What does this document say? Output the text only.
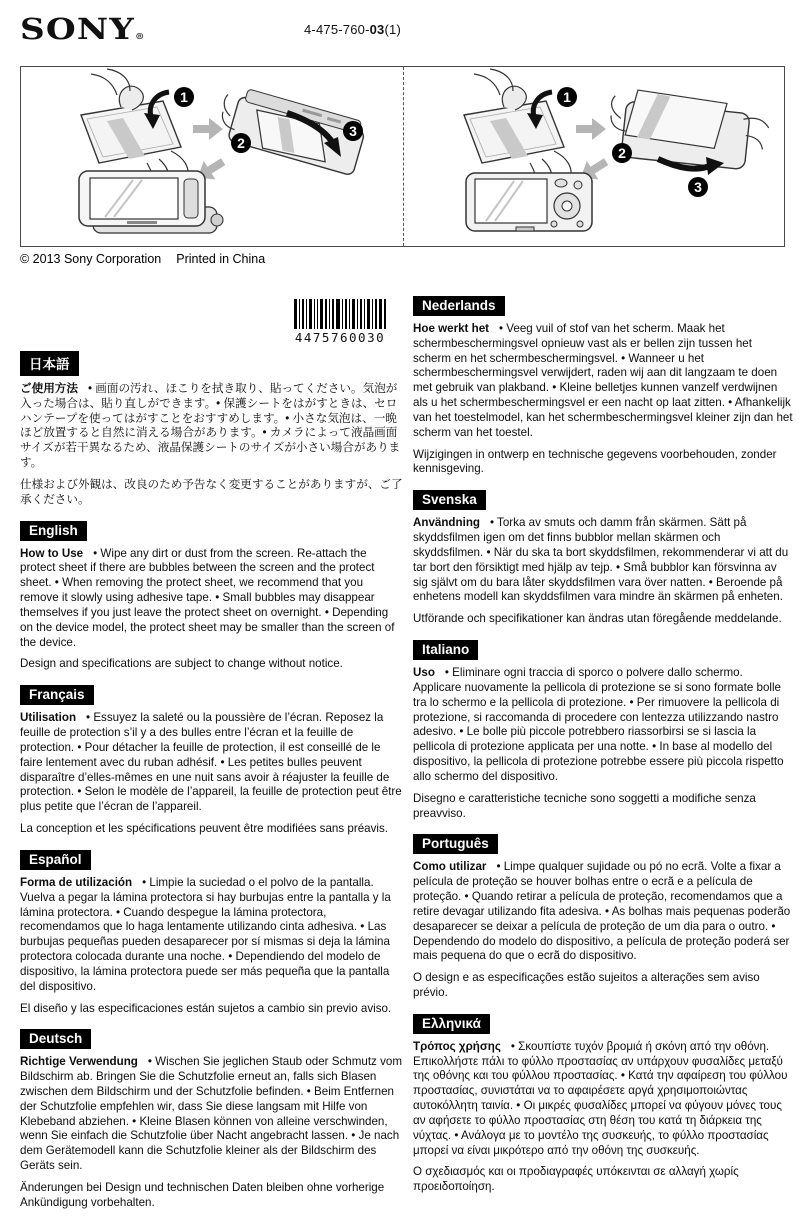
SONY®	4-475-760-03(1)
1
2
3
1
2
3
© 2013 Sony Corporation Printed in China
4475760030
日本語

ご使用方法 • 画面の汚れ、ほこりを拭き取り、貼ってください。気泡が入った場合は、貼り直しができます。• 保護シートをはがすときは、セロハンテープを使ってはがすことをおすすめします。• 小さな気泡は、一晩ほど放置すると自然に消える場合があります。• カメラによって液晶画面サイズが若干異なるため、液晶保護シートのサイズが小さい場合があります。

仕様および外観は、改良のため予告なく変更することがありますが、ご了承ください。

English

How to Use • Wipe any dirt or dust from the screen. Re-attach the protect sheet if there are bubbles between the screen and the protect sheet. • When removing the protect sheet, we recommend that you remove it slowly using adhesive tape. • Small bubbles may disappear themselves if you just leave the protect sheet on overnight. • Depending on the device model, the protect sheet may be smaller than the screen of the device.

Design and specifications are subject to change without notice.

Français

Utilisation • Essuyez la saleté ou la poussière de l’écran. Reposez la feuille de protection s’il y a des bulles entre l’écran et la feuille de protection. • Pour détacher la feuille de protection, il est conseillé de le faire lentement avec du ruban adhésif. • Les petites bulles peuvent disparaître d’elles-mêmes en une nuit sans avoir à réajuster la feuille de protection. • Selon le modèle de l’appareil, la feuille de protection peut être plus petite que l’écran de l’appareil.

La conception et les spécifications peuvent être modifiées sans préavis.

Español

Forma de utilización • Limpie la suciedad o el polvo de la pantalla. Vuelva a pegar la lámina protectora si hay burbujas entre la pantalla y la lámina protectora. • Cuando despegue la lámina protectora, recomendamos que lo haga lentamente utilizando cinta adhesiva. • Las burbujas pequeñas pueden desaparecer por sí mismas si deja la lámina protectora colocada durante una noche. • Dependiendo del modelo de dispositivo, la lámina protectora puede ser más pequeña que la pantalla del dispositivo.

El diseño y las especificaciones están sujetos a cambio sin previo aviso.

Deutsch

Richtige Verwendung • Wischen Sie jeglichen Staub oder Schmutz vom Bildschirm ab. Bringen Sie die Schutzfolie erneut an, falls sich Blasen zwischen dem Bildschirm und der Schutzfolie befinden. • Beim Entfernen der Schutzfolie empfehlen wir, dass Sie diese langsam mit Hilfe von Klebeband abziehen. • Kleine Blasen können von alleine verschwinden, wenn Sie einfach die Schutzfolie über Nacht angebracht lassen. • Je nach dem Gerätemodell kann die Schutzfolie kleiner als der Bildschirm des Geräts sein.

Änderungen bei Design und technischen Daten bleiben ohne vorherige Ankündigung vorbehalten.

Nederlands

Hoe werkt het • Veeg vuil of stof van het scherm. Maak het schermbeschermingsvel opnieuw vast als er bellen zijn tussen het scherm en het schermbeschermingsvel. • Wanneer u het schermbeschermingsvel verwijdert, raden wij aan dit langzaam te doen met gebruik van plakband. • Kleine belletjes kunnen vanzelf verdwijnen als u het schermbeschermingsvel er een nacht op laat zitten. • Afhankelijk van het toestelmodel, kan het schermbeschermingsvel kleiner zijn dan het scherm van het toestel.

Wijzigingen in ontwerp en technische gegevens voorbehouden, zonder kennisgeving.

Svenska

Användning • Torka av smuts och damm från skärmen. Sätt på skyddsfilmen igen om det finns bubblor mellan skärmen och skyddsfilmen. • När du ska ta bort skyddsfilmen, rekommenderar vi att du tar bort den försiktigt med hjälp av tejp. • Små bubblor kan försvinna av sig självt om du bara låter skyddsfilmen vara över natten. • Beroende på enhetens modell kan skyddsfilmen vara mindre än skärmen på enheten.

Utförande och specifikationer kan ändras utan föregående meddelande.

Italiano

Uso • Eliminare ogni traccia di sporco o polvere dallo schermo. Applicare nuovamente la pellicola di protezione se si sono formate bolle tra lo schermo e la pellicola di protezione. • Per rimuovere la pellicola di protezione, si raccomanda di procedere con lentezza utilizzando nastro adesivo. • Le bolle più piccole potrebbero riassorbirsi se si lascia la pellicola di protezione applicata per una notte. • In base al modello del dispositivo, la pellicola di protezione potrebbe essere più piccola rispetto allo schermo del dispositivo.

Disegno e caratteristiche tecniche sono soggetti a modifiche senza preavviso.

Português

Como utilizar • Limpe qualquer sujidade ou pó no ecrã. Volte a fixar a película de proteção se houver bolhas entre o ecrã e a película de proteção. • Quando retirar a película de proteção, recomendamos que a retire devagar utilizando fita adesiva. • As bolhas mais pequenas poderão desaparecer se deixar a película de proteção de um dia para o outro. • Dependendo do modelo do dispositivo, a película de proteção poderá ser mais pequena do que o ecrã do dispositivo.

O design e as especificações estão sujeitos a alterações sem aviso prévio.

Ελληνικά

Τρόπος χρήσης • Σκουπίστε τυχόν βρομιά ή σκόνη από την οθόνη. Επικολλήστε πάλι το φύλλο προστασίας αν υπάρχουν φυσαλίδες μεταξύ της οθόνης και του φύλλου προστασίας. • Κατά την αφαίρεση του φύλλου προστασίας, συνιστάται να το αφαιρέσετε αργά χρησιμοποιώντας αυτοκόλλητη ταινία. • Οι μικρές φυσαλίδες μπορεί να φύγουν μόνες τους αν αφήσετε το φύλλο προστασίας στη θέση του κατά τη διάρκεια της νύχτας. • Ανάλογα με το μοντέλο της συσκευής, το φύλλο προστασίας μπορεί να είναι μικρότερο από την οθόνη της συσκευής.

Ο σχεδιασμός και οι προδιαγραφές υπόκεινται σε αλλαγή χωρίς προειδοποίηση.
